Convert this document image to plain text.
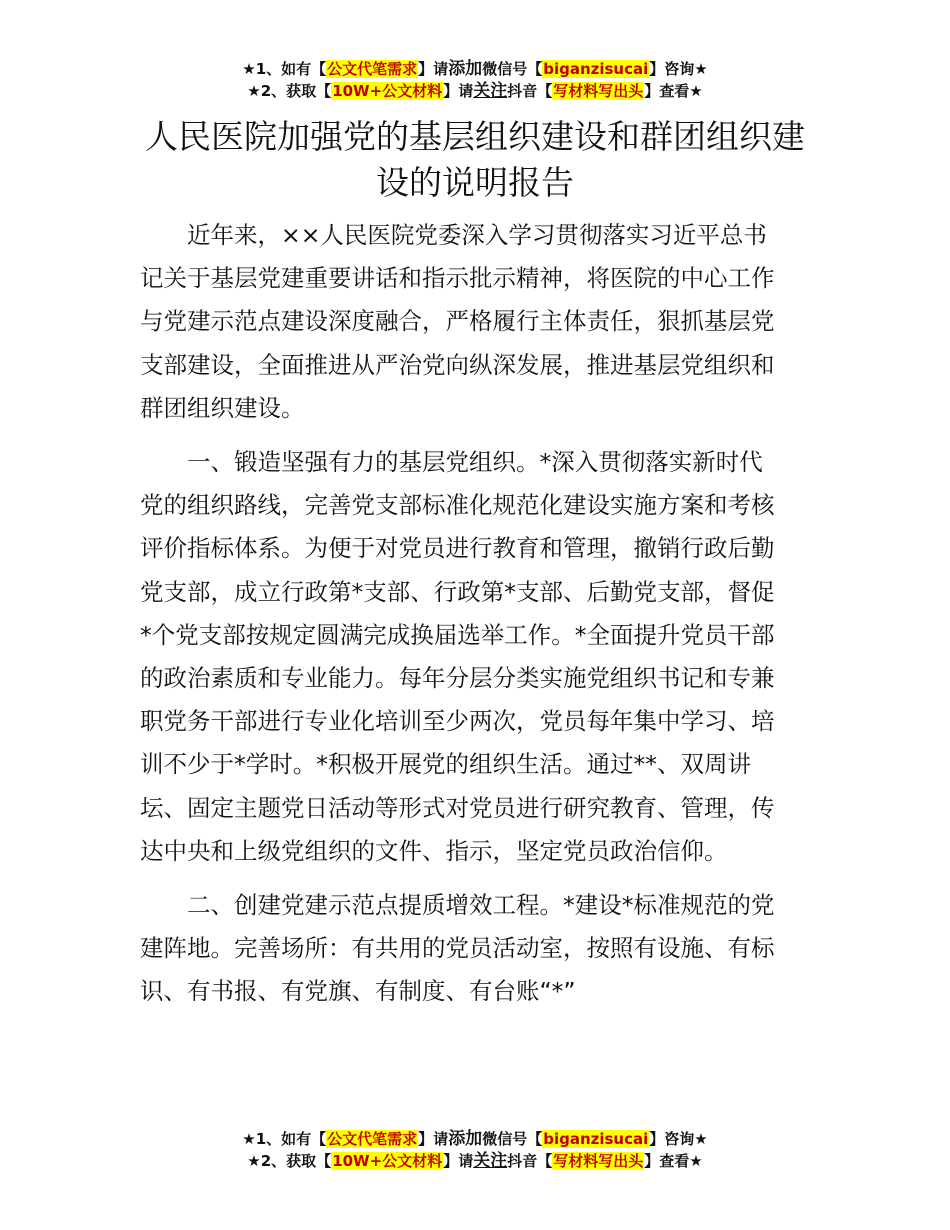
★1、如有【公文代笔需求】请添加微信号【biganzisucai】咨询★
★2、获取【10W+公文材料】请关注抖音【写材料写出头】查看★
人民医院加强党的基层组织建设和群团组织建
设的说明报告
近年来，××人民医院党委深入学习贯彻落实习近平总书
记关于基层党建重要讲话和指示批示精神，将医院的中心工作
与党建示范点建设深度融合，严格履行主体责任，狠抓基层党
支部建设，全面推进从严治党向纵深发展，推进基层党组织和
群团组织建设。
一、锻造坚强有力的基层党组织。*深入贯彻落实新时代
党的组织路线，完善党支部标准化规范化建设实施方案和考核
评价指标体系。为便于对党员进行教育和管理，撤销行政后勤
党支部，成立行政第*支部、行政第*支部、后勤党支部，督促
*个党支部按规定圆满完成换届选举工作。*全面提升党员干部
的政治素质和专业能力。每年分层分类实施党组织书记和专兼
职党务干部进行专业化培训至少两次，党员每年集中学习、培
训不少于*学时。*积极开展党的组织生活。通过**、双周讲
坛、固定主题党日活动等形式对党员进行研究教育、管理，传
达中央和上级党组织的文件、指示，坚定党员政治信仰。
二、创建党建示范点提质增效工程。*建设*标准规范的党
建阵地。完善场所：有共用的党员活动室，按照有设施、有标
识、有书报、有党旗、有制度、有台账“*”
★1、如有【公文代笔需求】请添加微信号【biganzisucai】咨询★
★2、获取【10W+公文材料】请关注抖音【写材料写出头】查看★
